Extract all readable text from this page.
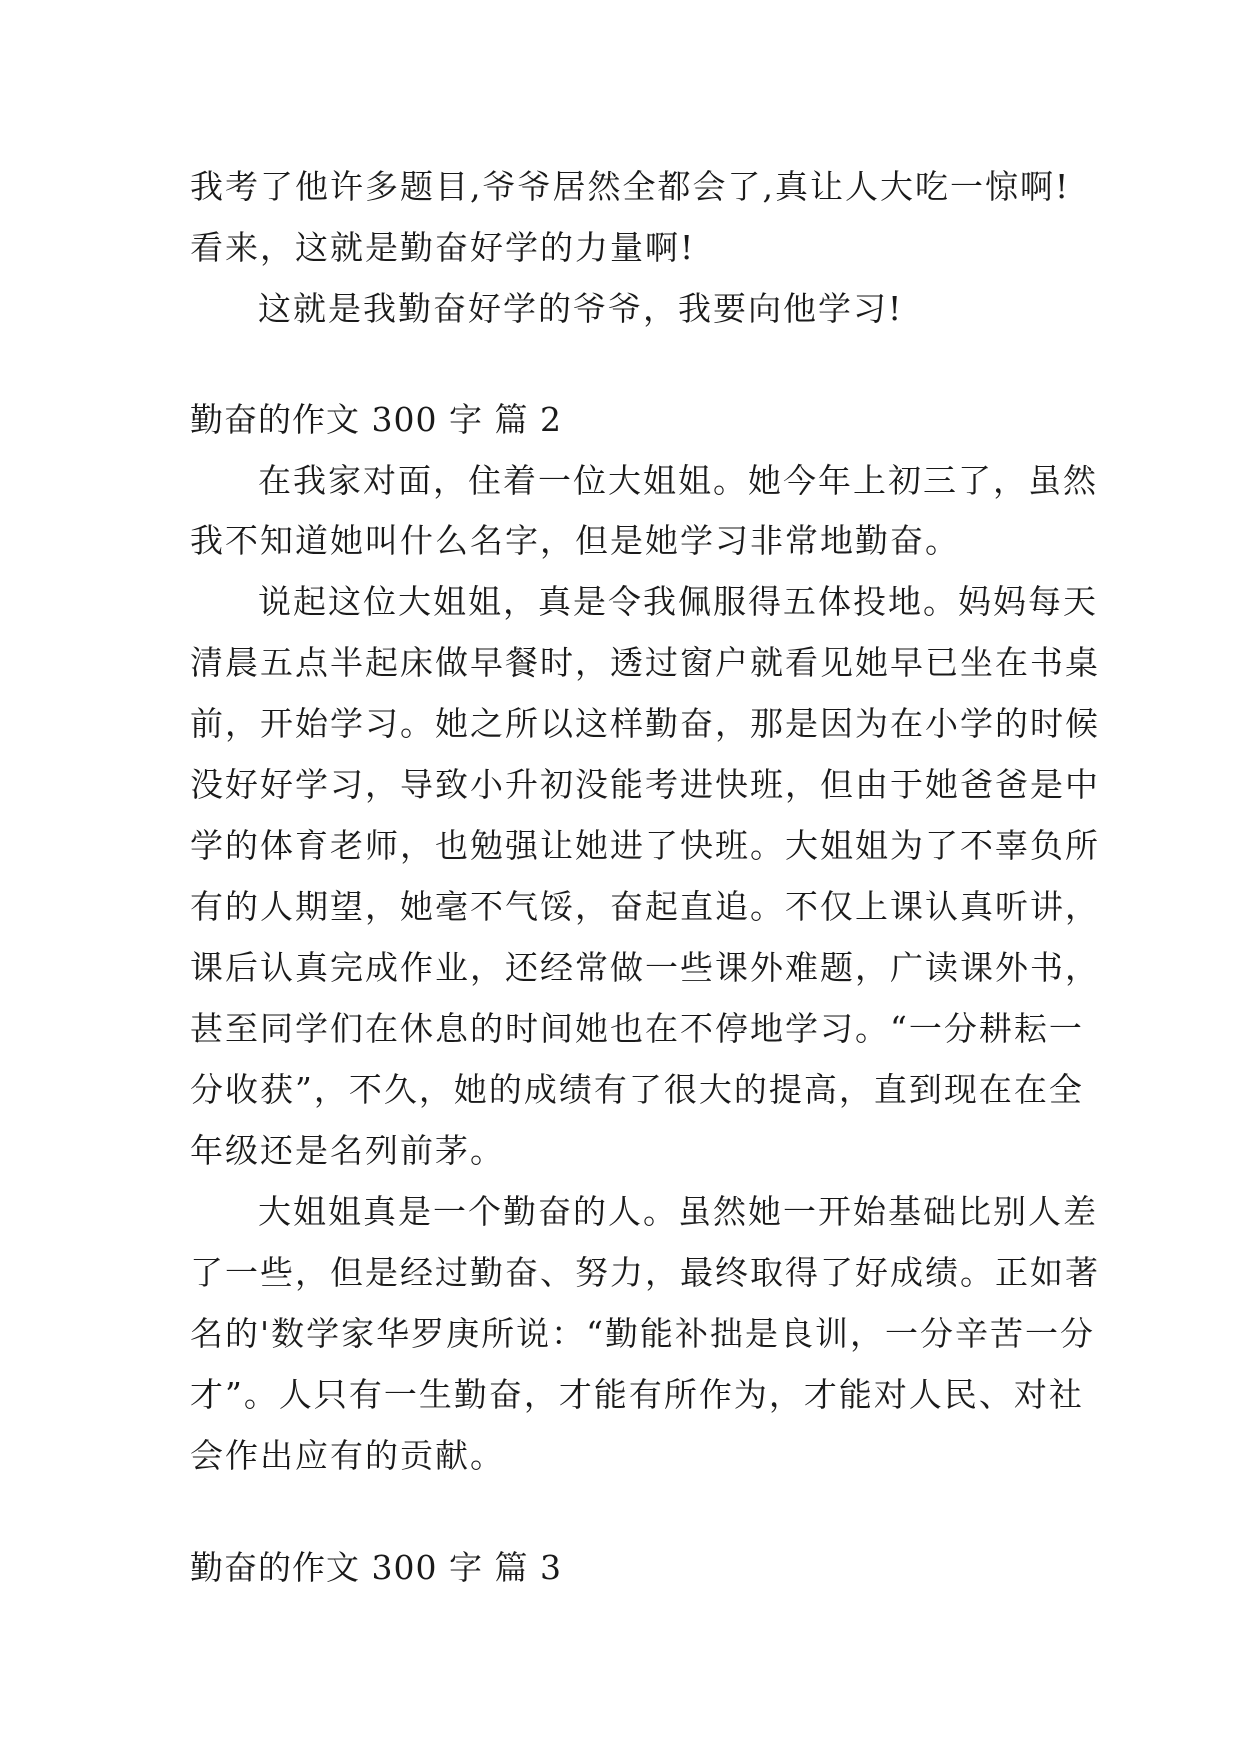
我考了他许多题目,爷爷居然全都会了,真让人大吃一惊啊!
看来，这就是勤奋好学的力量啊!
这就是我勤奋好学的爷爷，我要向他学习!
勤奋的作文 300 字 篇 2
在我家对面，住着一位大姐姐。她今年上初三了，虽然
我不知道她叫什么名字，但是她学习非常地勤奋。
说起这位大姐姐，真是令我佩服得五体投地。妈妈每天
清晨五点半起床做早餐时，透过窗户就看见她早已坐在书桌
前，开始学习。她之所以这样勤奋，那是因为在小学的时候
没好好学习，导致小升初没能考进快班，但由于她爸爸是中
学的体育老师，也勉强让她进了快班。大姐姐为了不辜负所
有的人期望，她毫不气馁，奋起直追。不仅上课认真听讲，
课后认真完成作业，还经常做一些课外难题，广读课外书，
甚至同学们在休息的时间她也在不停地学习。“一分耕耘一
分收获”，不久，她的成绩有了很大的提高，直到现在在全
年级还是名列前茅。
大姐姐真是一个勤奋的人。虽然她一开始基础比别人差
了一些，但是经过勤奋、努力，最终取得了好成绩。正如著
名的'数学家华罗庚所说：“勤能补拙是良训，一分辛苦一分
才”。人只有一生勤奋，才能有所作为，才能对人民、对社
会作出应有的贡献。
勤奋的作文 300 字 篇 3
